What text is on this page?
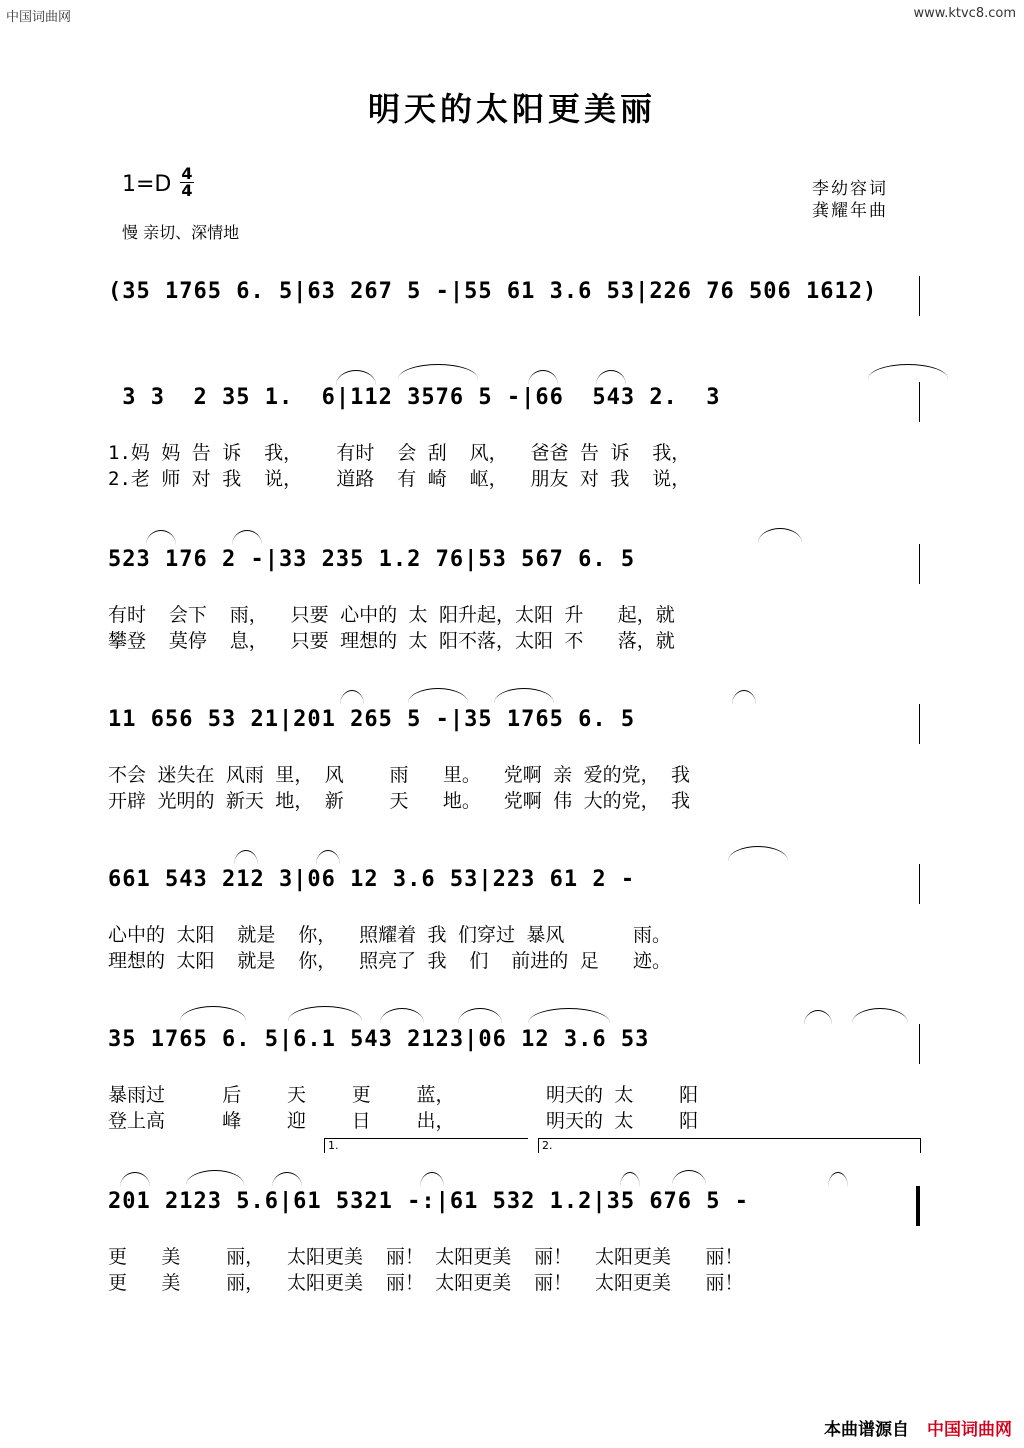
中国词曲网	www.ktvc8.com
明天的太阳更美丽
1=D 4
4
慢 亲切、深情地
李幼容词
龚耀年曲
(35 1765 6. 5|63 267 5 -|55 61 3.6 53|226 76 506 1612)
3 3  2 35 1.  6|112 3576 5 -|66  543 2.  3
1.妈 妈 告 诉  我，   有时  会 刮  风，  爸爸 告 诉  我，
2.老 师 对 我  说，   道路  有 崎  岖，  朋友 对 我  说，
523 176 2 -|33 235 1.2 76|53 567 6. 5
有时  会下  雨，  只要 心中的 太 阳升起，太阳 升   起，就
攀登  莫停  息，  只要 理想的 太 阳不落，太阳 不   落，就
11 656 53 21|201 265 5 -|35 1765 6. 5
不会 迷失在 风雨 里， 风    雨   里。  党啊 亲 爱的党， 我
开辟 光明的 新天 地， 新    天   地。  党啊 伟 大的党， 我
661 543 212 3|06 12 3.6 53|223 61 2 -
心中的 太阳  就是  你，  照耀着 我 们穿过 暴风      雨。
理想的 太阳  就是  你，  照亮了 我  们  前进的 足   迹。
35 1765 6. 5|6.1 543 2123|06 12 3.6 53
暴雨过     后    天    更    蓝，        明天的 太    阳
登上高     峰    迎    日    出，        明天的 太    阳
1.	2.
201 2123 5.6|61 5321 -:|61 532 1.2|35 676 5 -
更   美    丽，  太阳更美  丽！ 太阳更美  丽！  太阳更美   丽！
更   美    丽，  太阳更美  丽！ 太阳更美  丽！  太阳更美   丽！
本曲谱源自 中国词曲网
